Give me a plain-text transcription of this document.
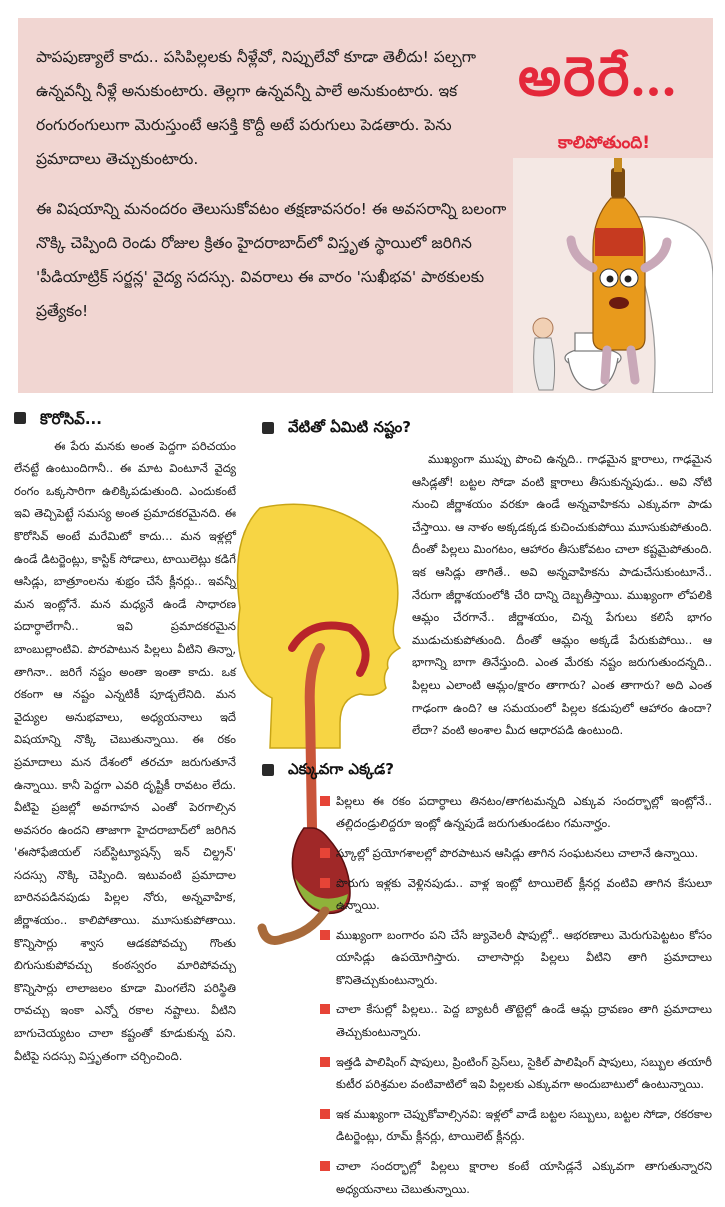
పాపపుణ్యాలే కాదు.. పసిపిల్లలకు నీళ్లేవో, నిప్పులేవో కూడా తెలీదు! పల్చగా ఉన్నవన్నీ నీళ్లే అనుకుంటారు. తెల్లగా ఉన్నవన్నీ పాలే అనుకుంటారు. ఇక రంగురంగులుగా మెరుస్తుంటే ఆసక్తి కొద్దీ అటే పరుగులు పెడతారు. పెను ప్రమాదాలు తెచ్చుకుంటారు.

ఈ విషయాన్ని మనందరం తెలుసుకోవటం తక్షణావసరం! ఈ అవసరాన్ని బలంగా నొక్కి చెప్పింది రెండు రోజుల క్రితం హైదరాబాద్‌లో విస్తృత స్థాయిలో జరిగిన 'పీడియాట్రిక్ సర్జన్ల' వైద్య సదస్సు. వివరాలు ఈ వారం 'సుఖీభవ' పాఠకులకు ప్రత్యేకం!

అరెరే...
కాలిపోతుంది!
కొరోసివ్...

ఈ పేరు మనకు అంత పెద్దగా పరిచయం లేనట్టే ఉంటుందిగానీ.. ఈ మాట వింటూనే వైద్య రంగం ఒక్కసారిగా ఉలిక్కిపడుతుంది. ఎందుకంటే ఇవి తెచ్చిపెట్టే సమస్య అంత ప్రమాదకరమైనది. ఈ కొరోసివ్ అంటే మరేమిటో కాదు... మన ఇళ్లల్లో ఉండే డిటర్జెంట్లు, కాస్టిక్ సోడాలు, టాయిలెట్లు కడిగే ఆసిడ్లు, బాత్రూంలను శుభ్రం చేసే క్లీనర్లు.. ఇవన్నీ మన ఇంట్లోనే. మన మధ్యనే ఉండే సాధారణ పదార్ధాలేగానీ.. ఇవి ప్రమాదకరమైన బాంబుల్లాంటివి. పొరపాటున పిల్లలు వీటిని తిన్నా, తాగినా.. జరిగే నష్టం అంతా ఇంతా కాదు. ఒక రకంగా ఆ నష్టం ఎన్నటికీ పూడ్చలేనిది. మన వైద్యుల అనుభవాలు, అధ్యయనాలు ఇదే విషయాన్ని నొక్కి చెబుతున్నాయి. ఈ రకం ప్రమాదాలు మన దేశంలో తరచూ జరుగుతూనే ఉన్నాయి. కానీ పెద్దగా ఎవరి దృష్టికీ రావటం లేదు. వీటిపై ప్రజల్లో అవగాహన ఎంతో పెరగాల్సిన అవసరం ఉందని తాజాగా హైదరాబాద్‌లో జరిగిన 'ఈసోఫేజియల్ సబ్‌స్టిట్యూషన్స్ ఇన్ చిల్డ్రన్' సదస్సు నొక్కి చెప్పింది. ఇటువంటి ప్రమాదాల బారినపడినపుడు పిల్లల నోరు, అన్నవాహిక, జీర్ణాశయం.. కాలిపోతాయి. మూసుకుపోతాయి. కొన్నిసార్లు శ్వాస ఆడకపోవచ్చు గొంతు బిగుసుకుపోవచ్చు కంఠస్వరం మారిపోవచ్చు కొన్నిసార్లు లాలాజలం కూడా మింగలేని పరిస్థితి రావచ్చు ఇంకా ఎన్నో రకాల నష్టాలు. వీటిని బాగుచెయ్యటం చాలా కష్టంతో కూడుకున్న పని. వీటిపై సదస్సు విస్తృతంగా చర్చించింది.

వేటితో ఏమిటి నష్టం?

ముఖ్యంగా ముప్పు పొంచి ఉన్నది.. గాఢమైన క్షారాలు, గాఢమైన ఆసిడ్లతో! బట్టల సోడా వంటి క్షారాలు తీసుకున్నపుడు.. అవి నోటి నుంచి జీర్ణాశయం వరకూ ఉండే అన్నవాహికను ఎక్కువగా పాడు చేస్తాయి. ఆ నాళం అక్కడక్కడ కుచించుకుపోయి మూసుకుపోతుంది. దీంతో పిల్లలు మింగటం, ఆహారం తీసుకోవటం చాలా కష్టమైపోతుంది. ఇక ఆసిడ్లు తాగితే.. అవి అన్నవాహికను పాడుచేసుకుంటూనే.. నేరుగా జీర్ణాశయంలోకి చేరి దాన్ని దెబ్బతీస్తాయి. ముఖ్యంగా లోపలికి ఆమ్లం చేరగానే.. జీర్ణాశయం, చిన్న పేగులు కలిసే భాగం ముడుచుకుపోతుంది. దీంతో ఆమ్లం అక్కడే పేరుకుపోయి.. ఆ భాగాన్ని బాగా తినేస్తుంది. ఎంత మేరకు నష్టం జరుగుతుందన్నది.. పిల్లలు ఎలాంటి ఆమ్లం/క్షారం తాగారు? ఎంత తాగారు? అది ఎంత గాఢంగా ఉంది? ఆ సమయంలో పిల్లల కడుపులో ఆహారం ఉందా? లేదా? వంటి అంశాల మీద ఆధారపడి ఉంటుంది.

ఎక్కువగా ఎక్కడ?
పిల్లలు ఈ రకం పదార్ధాలు తినటం/తాగటమన్నది ఎక్కువ సందర్భాల్లో ఇంట్లోనే.. తల్లిదండ్రులిద్దరూ ఇంట్లో ఉన్నపుడే జరుగుతుండటం గమనార్హం.
స్కూల్లో ప్రయోగశాలల్లో పొరపాటున ఆసిడ్లు తాగిన సంఘటనలు చాలానే ఉన్నాయి.
పొరుగు ఇళ్లకు వెళ్లినపుడు.. వాళ్ల ఇంట్లో టాయిలెట్ క్లీనర్ల వంటివి తాగిన కేసులూ ఉన్నాయి.
ముఖ్యంగా బంగారం పని చేసే జ్యువెలరీ షాపుల్లో.. ఆభరణాలు మెరుగుపెట్టటం కోసం యాసిడ్లు ఉపయోగిస్తారు. చాలాసార్లు పిల్లలు వీటిని తాగి ప్రమాదాలు కొనితెచ్చుకుంటున్నారు.
చాలా కేసుల్లో పిల్లలు.. పెద్ద బ్యాటరీ తొట్టెల్లో ఉండే ఆమ్ల ద్రావణం తాగి ప్రమాదాలు తెచ్చుకుంటున్నారు.
ఇత్తడి పాలిషింగ్ షాపులు, ప్రింటింగ్ ప్రెస్‌లు, సైకిల్ పాలిషింగ్ షాపులు, సబ్బుల తయారీ కుటీర పరిశ్రమల వంటివాటిలో ఇవి పిల్లలకు ఎక్కువగా అందుబాటులో ఉంటున్నాయి.
ఇక ముఖ్యంగా చెప్పుకోవాల్సినవి: ఇళ్లలో వాడే బట్టల సబ్బులు, బట్టల సోడా, రకరకాల డిటర్జెంట్లు, రూమ్ క్లీనర్లు, టాయిలెట్ క్లీనర్లు.
చాలా సందర్భాల్లో పిల్లలు క్షారాల కంటే యాసిడ్లనే ఎక్కువగా తాగుతున్నారని అధ్యయనాలు చెబుతున్నాయి.
